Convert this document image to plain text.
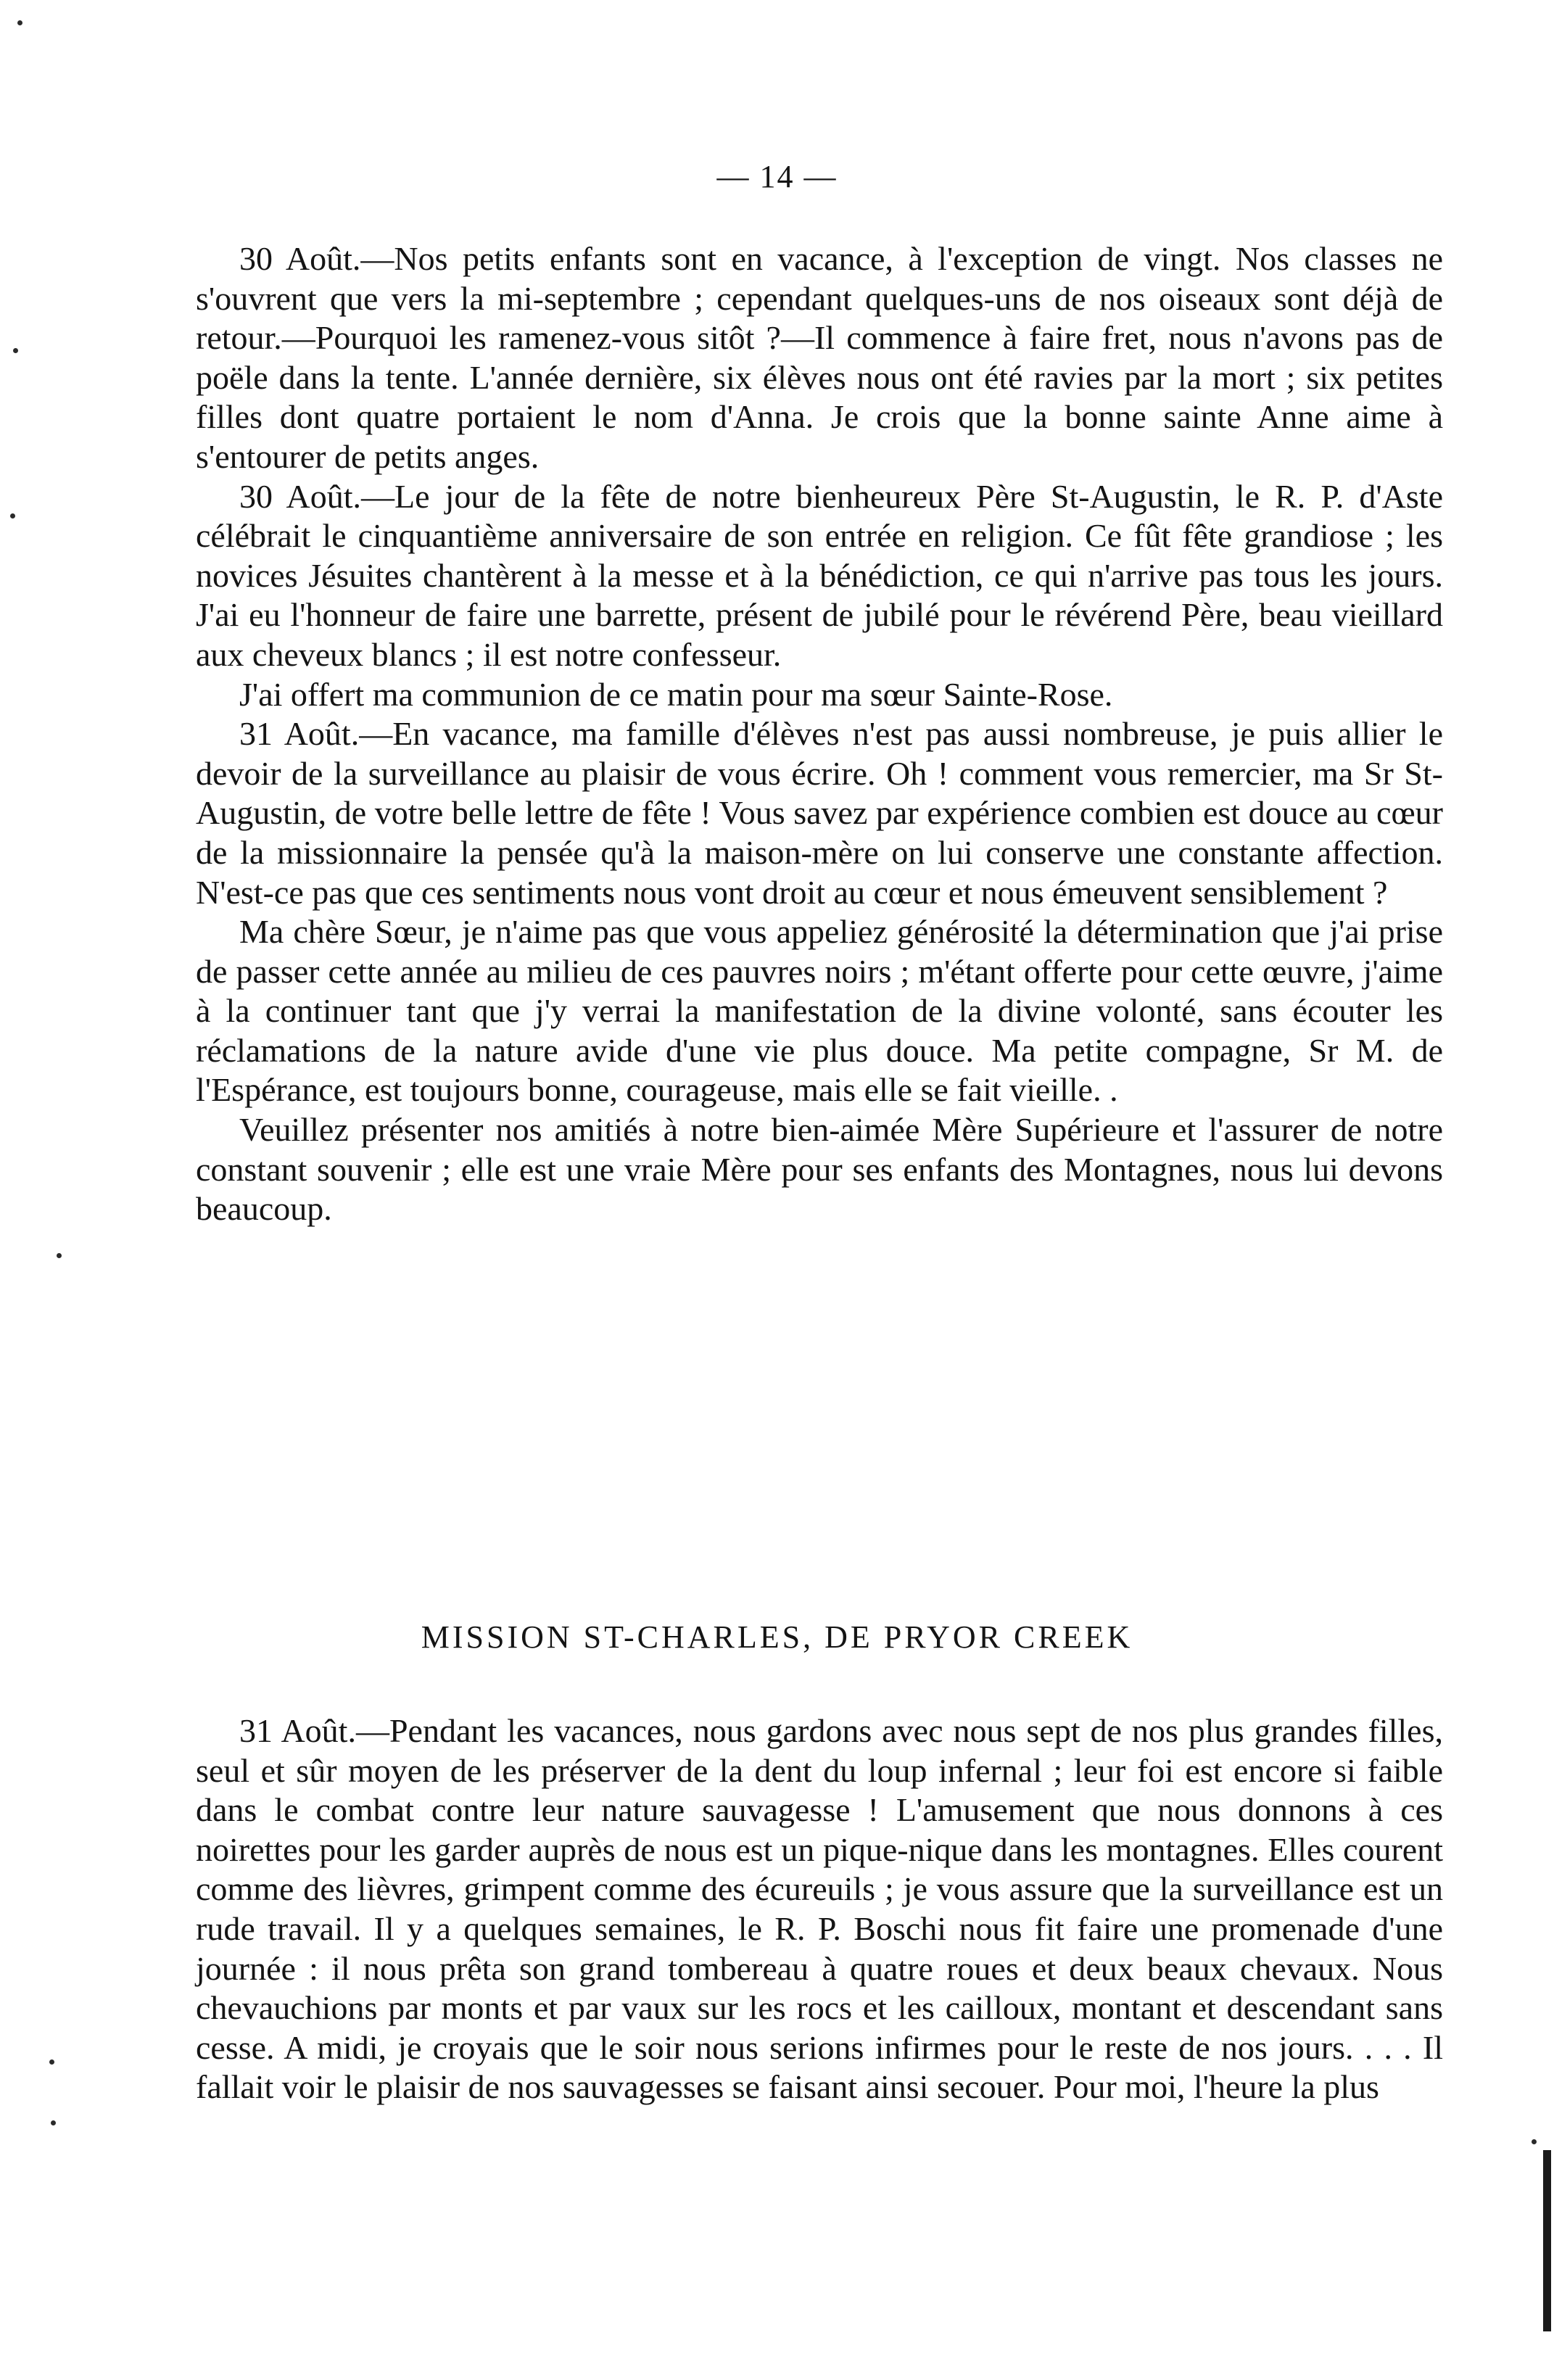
— 14 —

30 Août.—Nos petits enfants sont en vacance, à l'exception de vingt. Nos classes ne s'ouvrent que vers la mi-septembre ; cependant quelques-uns de nos oiseaux sont déjà de retour.—Pourquoi les ramenez-vous sitôt ?—Il commence à faire fret, nous n'avons pas de poële dans la tente. L'année dernière, six élèves nous ont été ravies par la mort ; six petites filles dont quatre portaient le nom d'Anna. Je crois que la bonne sainte Anne aime à s'entourer de petits anges.

30 Août.—Le jour de la fête de notre bienheureux Père St-Augustin, le R. P. d'Aste célébrait le cinquantième anniversaire de son entrée en religion. Ce fût fête grandiose ; les novices Jésuites chantèrent à la messe et à la bénédiction, ce qui n'arrive pas tous les jours. J'ai eu l'honneur de faire une barrette, présent de jubilé pour le révérend Père, beau vieillard aux cheveux blancs ; il est notre confesseur.

J'ai offert ma communion de ce matin pour ma sœur Sainte-Rose.

31 Août.—En vacance, ma famille d'élèves n'est pas aussi nombreuse, je puis allier le devoir de la surveillance au plaisir de vous écrire. Oh ! comment vous remercier, ma Sr St-Augustin, de votre belle lettre de fête ! Vous savez par expérience combien est douce au cœur de la missionnaire la pensée qu'à la maison-mère on lui conserve une constante affection. N'est-ce pas que ces sentiments nous vont droit au cœur et nous émeuvent sensiblement ?

Ma chère Sœur, je n'aime pas que vous appeliez générosité la détermination que j'ai prise de passer cette année au milieu de ces pauvres noirs ; m'étant offerte pour cette œuvre, j'aime à la continuer tant que j'y verrai la manifestation de la divine volonté, sans écouter les réclamations de la nature avide d'une vie plus douce. Ma petite compagne, Sr M. de l'Espérance, est toujours bonne, courageuse, mais elle se fait vieille. .

Veuillez présenter nos amitiés à notre bien-aimée Mère Supérieure et l'assurer de notre constant souvenir ; elle est une vraie Mère pour ses enfants des Montagnes, nous lui devons beaucoup.

MISSION ST-CHARLES, DE PRYOR CREEK

31 Août.—Pendant les vacances, nous gardons avec nous sept de nos plus grandes filles, seul et sûr moyen de les préserver de la dent du loup infernal ; leur foi est encore si faible dans le combat contre leur nature sauvagesse ! L'amusement que nous donnons à ces noirettes pour les garder auprès de nous est un pique-nique dans les montagnes. Elles courent comme des lièvres, grimpent comme des écureuils ; je vous assure que la surveillance est un rude travail. Il y a quelques semaines, le R. P. Boschi nous fit faire une promenade d'une journée : il nous prêta son grand tombereau à quatre roues et deux beaux chevaux. Nous chevauchions par monts et par vaux sur les rocs et les cailloux, montant et descendant sans cesse. A midi, je croyais que le soir nous serions infirmes pour le reste de nos jours. . . . Il fallait voir le plaisir de nos sauvagesses se faisant ainsi secouer. Pour moi, l'heure la plus
